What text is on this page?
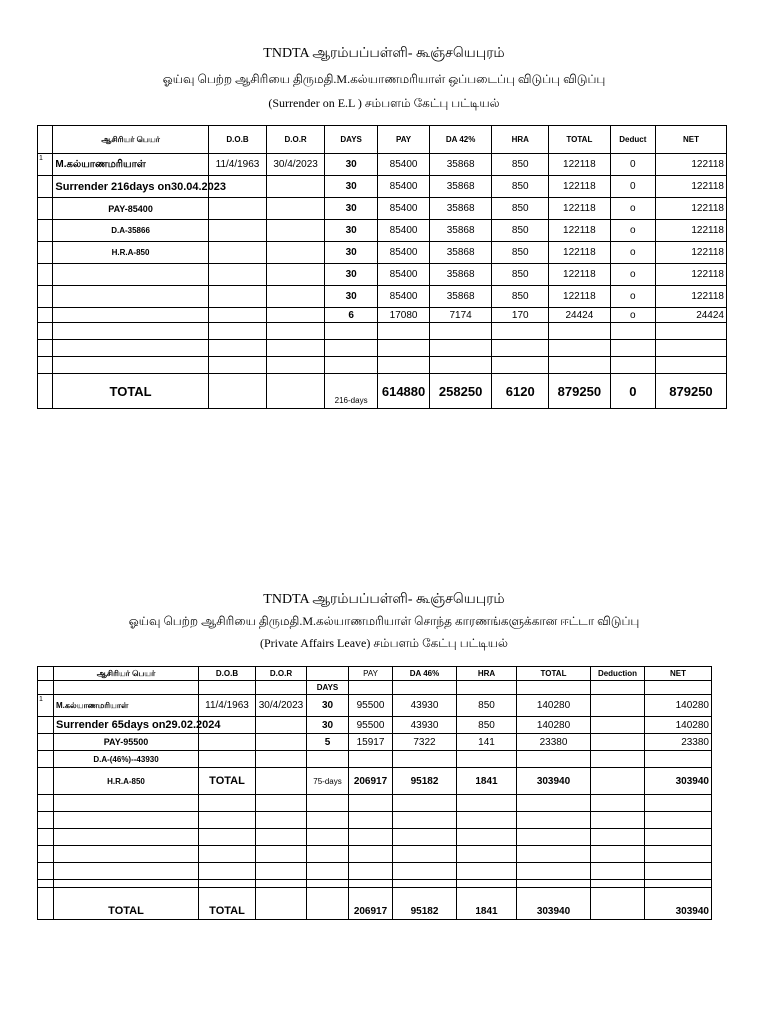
TNDTA ஆரம்பப்பள்ளி- கூஞ்சயெபுரம்
ஓய்வு பெற்ற ஆசிரியை திருமதி.M.கல்யாணமரியாள் ஒப்படைப்பு விடுப்பு விடுப்பு
(Surrender on E.L ) சம்பளம் கேட்பு பட்டியல்
	ஆசிரியர் பெயர்	D.O.B	D.O.R	DAYS	PAY	DA 42%	HRA	TOTAL	Deduct	NET
1	M.கல்யாணமரியாள்	11/4/1963	30/4/2023	30	85400	35868	850	122118	0	122118
	Surrender 216days on30.04.2023			30	85400	35868	850	122118	0	122118
	PAY-85400			30	85400	35868	850	122118	o	122118
	D.A-35866			30	85400	35868	850	122118	o	122118
	H.R.A-850			30	85400	35868	850	122118	o	122118
				30	85400	35868	850	122118	o	122118
				30	85400	35868	850	122118	o	122118
				6	17080	7174	170	24424	o	24424

	TOTAL			216-days	614880	258250	6120	879250	0	879250
TNDTA ஆரம்பப்பள்ளி- கூஞ்சயெபுரம்
ஓய்வு பெற்ற ஆசிரியை திருமதி.M.கல்யாணமரியாள் சொந்த காரணங்களுக்கான ஈட்டா விடுப்பு
(Private Affairs Leave) சம்பளம் கேட்பு பட்டியல்
	ஆசிரியர் பெயர்	D.O.B	D.O.R		PAY	DA 46%	HRA	TOTAL	Deduction	NET
				DAYS						
1	M.கல்யாணமரியாள்	11/4/1963	30/4/2023	30	95500	43930	850	140280		140280
	Surrender 65days on29.02.2024			30	95500	43930	850	140280		140280
	PAY-95500			5	15917	7322	141	23380		23380
	D.A-(46%)--43930									
	H.R.A-850	TOTAL		75-days	206917	95182	1841	303940		303940

	TOTAL	TOTAL			206917	95182	1841	303940		303940
